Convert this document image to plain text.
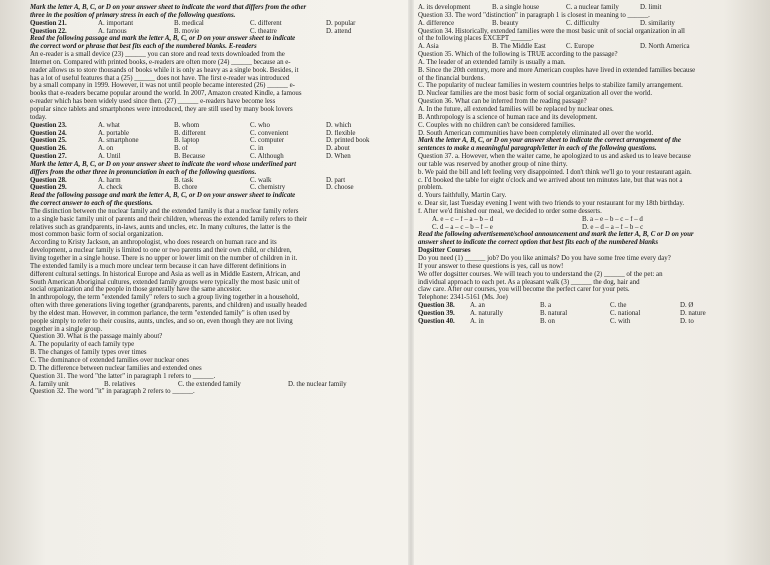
Mark the letter A, B, C, or D on your answer sheet to indicate the word that differs from the other
three in the position of primary stress in each of the following questions.
Question 21.	A. important	B. medical	C. different	D. popular
Question 22.	A. famous	B. movie	C. theatre	D. attend
Read the following passage and mark the letter A, B, C, or D on your answer sheet to indicate
the correct word or phrase that best fits each of the numbered blanks. E-readers
An e-reader is a small device (23) ______ you can store and read texts downloaded from the
Internet on. Compared with printed books, e-readers are often more (24) ______ because an e-
reader allows us to store thousands of books while it is only as heavy as a single book. Besides, it
has a lot of useful features that a (25) ______ does not have. The first e-reader was introduced
by a small company in 1999. However, it was not until people became interested (26) ______ e-
books that e-readers became popular around the world. In 2007, Amazon created Kindle, a famous
e-reader which has been widely used since then. (27) ______ e-readers have become less
popular since tablets and smartphones were introduced, they are still used by many book lovers
today.
Question 23.	A. what	B. whom	C. who	D. which
Question 24.	A. portable	B. different	C. convenient	D. flexible
Question 25.	A. smartphone	B. laptop	C. computer	D. printed book
Question 26.	A. on	B. of	C. in	D. about
Question 27.	A. Until	B. Because	C. Although	D. When
Mark the letter A, B, C, or D on your answer sheet to indicate the word whose underlined part
differs from the other three in pronunciation in each of the following questions.
Question 28.	A. harm	B. task	C. walk	D. part
Question 29.	A. check	B. chore	C. chemistry	D. choose
Read the following passage and mark the letter A, B, C, or D on your answer sheet to indicate
the correct answer to each of the questions.
The distinction between the nuclear family and the extended family is that a nuclear family refers
to a single basic family unit of parents and their children, whereas the extended family refers to their
relatives such as grandparents, in-laws, aunts and uncles, etc. In many cultures, the latter is the
most common basic form of social organization.
According to Kristy Jackson, an anthropologist, who does research on human race and its
development, a nuclear family is limited to one or two parents and their own child, or children,
living together in a single house. There is no upper or lower limit on the number of children in it.
The extended family is a much more unclear term because it can have different definitions in
different cultural settings. In historical Europe and Asia as well as in Middle Eastern, African, and
South American Aboriginal cultures, extended family groups were typically the most basic unit of
social organization and the people in those generally have the same ancestor.
In anthropology, the term "extended family" refers to such a group living together in a household,
often with three generations living together (grandparents, parents, and children) and usually headed
by the eldest man. However, in common parlance, the term "extended family" is often used by
people simply to refer to their cousins, aunts, uncles, and so on, even though they are not living
together in a single group.
Question 30. What is the passage mainly about?
A. The popularity of each family type
B. The changes of family types over times
C. The dominance of extended families over nuclear ones
D. The difference between nuclear families and extended ones
Question 31. The word "the latter" in paragraph 1 refers to ______.
A. family unit	B. relatives	C. the extended family	D. the nuclear family
Question 32. The word "it" in paragraph 2 refers to ______.
A. its development	B. a single house	C. a nuclear family	D. limit
Question 33. The word "distinction" in paragraph 1 is closest in meaning to ______.
A. difference	B. beauty	C. difficulty	D. similarity
Question 34. Historically, extended families were the most basic unit of social organization in all
of the following places EXCEPT ______.
A. Asia	B. The Middle East	C. Europe	D. North America
Question 35. Which of the following is TRUE according to the passage?
A. The leader of an extended family is usually a man.
B. Since the 20th century, more and more American couples have lived in extended families because
of the financial burdens.
C. The popularity of nuclear families in western countries helps to stabilize family arrangement.
D. Nuclear families are the most basic form of social organization all over the world.
Question 36. What can be inferred from the reading passage?
A. In the future, all extended families will be replaced by nuclear ones.
B. Anthropology is a science of human race and its development.
C. Couples with no children can't be considered families.
D. South American communities have been completely eliminated all over the world.
Mark the letter A, B, C, or D on your answer sheet to indicate the correct arrangement of the
sentences to make a meaningful paragraph/letter in each of the following questions.
Question 37. a. However, when the waiter came, he apologized to us and asked us to leave because
our table was reserved by another group of nine thirty.
b. We paid the bill and left feeling very disappointed. I don't think we'll go to your restaurant again.
c. I'd booked the table for eight o'clock and we arrived about ten minutes late, but that was not a
problem.
d. Yours faithfully, Martin Cary.
e. Dear sir, last Tuesday evening I went with two friends to your restaurant for my 18th birthday.
f. After we'd finished our meal, we decided to order some desserts.
A. e – c – f – a – b – d	B. a – e – b – c – f – d
C. d – a – c – b – f – e	D. e – d – a – f – b – c
Read the following advertisement/school announcement and mark the letter A, B, C or D on your
answer sheet to indicate the correct option that best fits each of the numbered blanks
Dogsitter Courses
Do you need (1) ______ job? Do you like animals? Do you have some free time every day?
If your answer to these questions is yes, call us now!
We offer dogsitter courses. We will teach you to understand the (2) ______ of the pet: an
individual approach to each pet. As a pleasant walk (3) ______ the dog, hair and
claw care. After our courses, you will become the perfect carer for your pets.
Telephone: 2341-5161 (Ms. Joe)
Question 38.	A. an	B. a	C. the	D. Ø
Question 39.	A. naturally	B. natural	C. national	D. nature
Question 40.	A. in	B. on	C. with	D. to
